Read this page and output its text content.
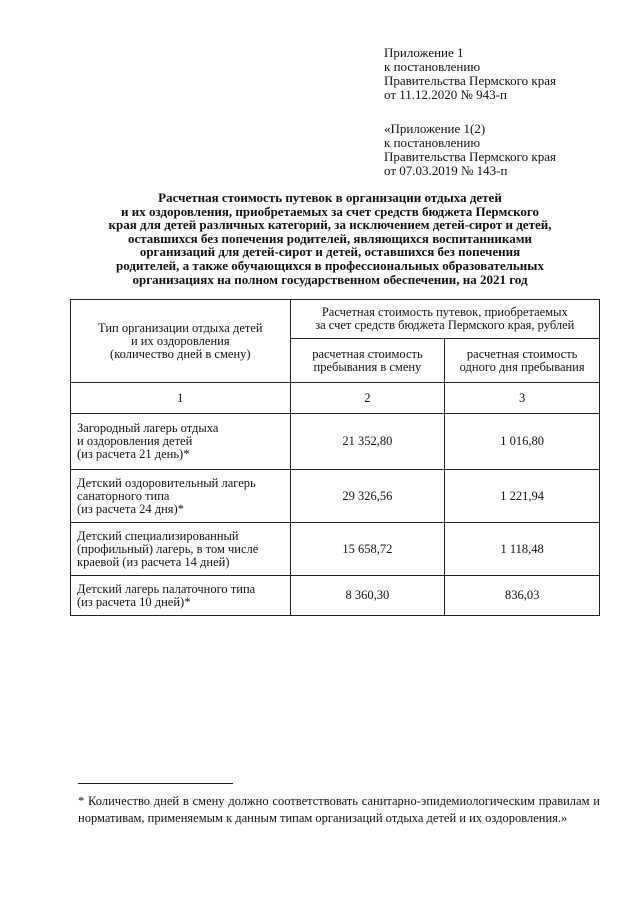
Приложение 1
к постановлению
Правительства Пермского края
от 11.12.2020 № 943-п
«Приложение 1(2)
к постановлению
Правительства Пермского края
от 07.03.2019 № 143-п
Расчетная стоимость путевок в организации отдыха детей
и их оздоровления, приобретаемых за счет средств бюджета Пермского
края для детей различных категорий, за исключением детей-сирот и детей,
оставшихся без попечения родителей, являющихся воспитанниками
организаций для детей-сирот и детей, оставшихся без попечения
родителей, а также обучающихся в профессиональных образовательных
организациях на полном государственном обеспечении, на 2021 год
Тип организации отдыха детей
и их оздоровления
(количество дней в смену)	Расчетная стоимость путевок, приобретаемых
за счет средств бюджета Пермского края, рублей	

	расчетная стоимость
пребывания в смену	расчетная стоимость
одного дня пребывания

1	2	3

Загородный лагерь отдыха
и оздоровления детей
(из расчета 21 день)*	21 352,80	1 016,80

Детский оздоровительный лагерь
санаторного типа
(из расчета 24 дня)*	29 326,56	1 221,94

Детский специализированный
(профильный) лагерь, в том числе
краевой (из расчета 14 дней)	15 658,72	1 118,48

Детский лагерь палаточного типа
(из расчета 10 дней)*	8 360,30	836,03
* Количество дней в смену должно соответствовать санитарно-эпидемиологическим правилам и нормативам, применяемым к данным типам организаций отдыха детей и их оздоровления.»
